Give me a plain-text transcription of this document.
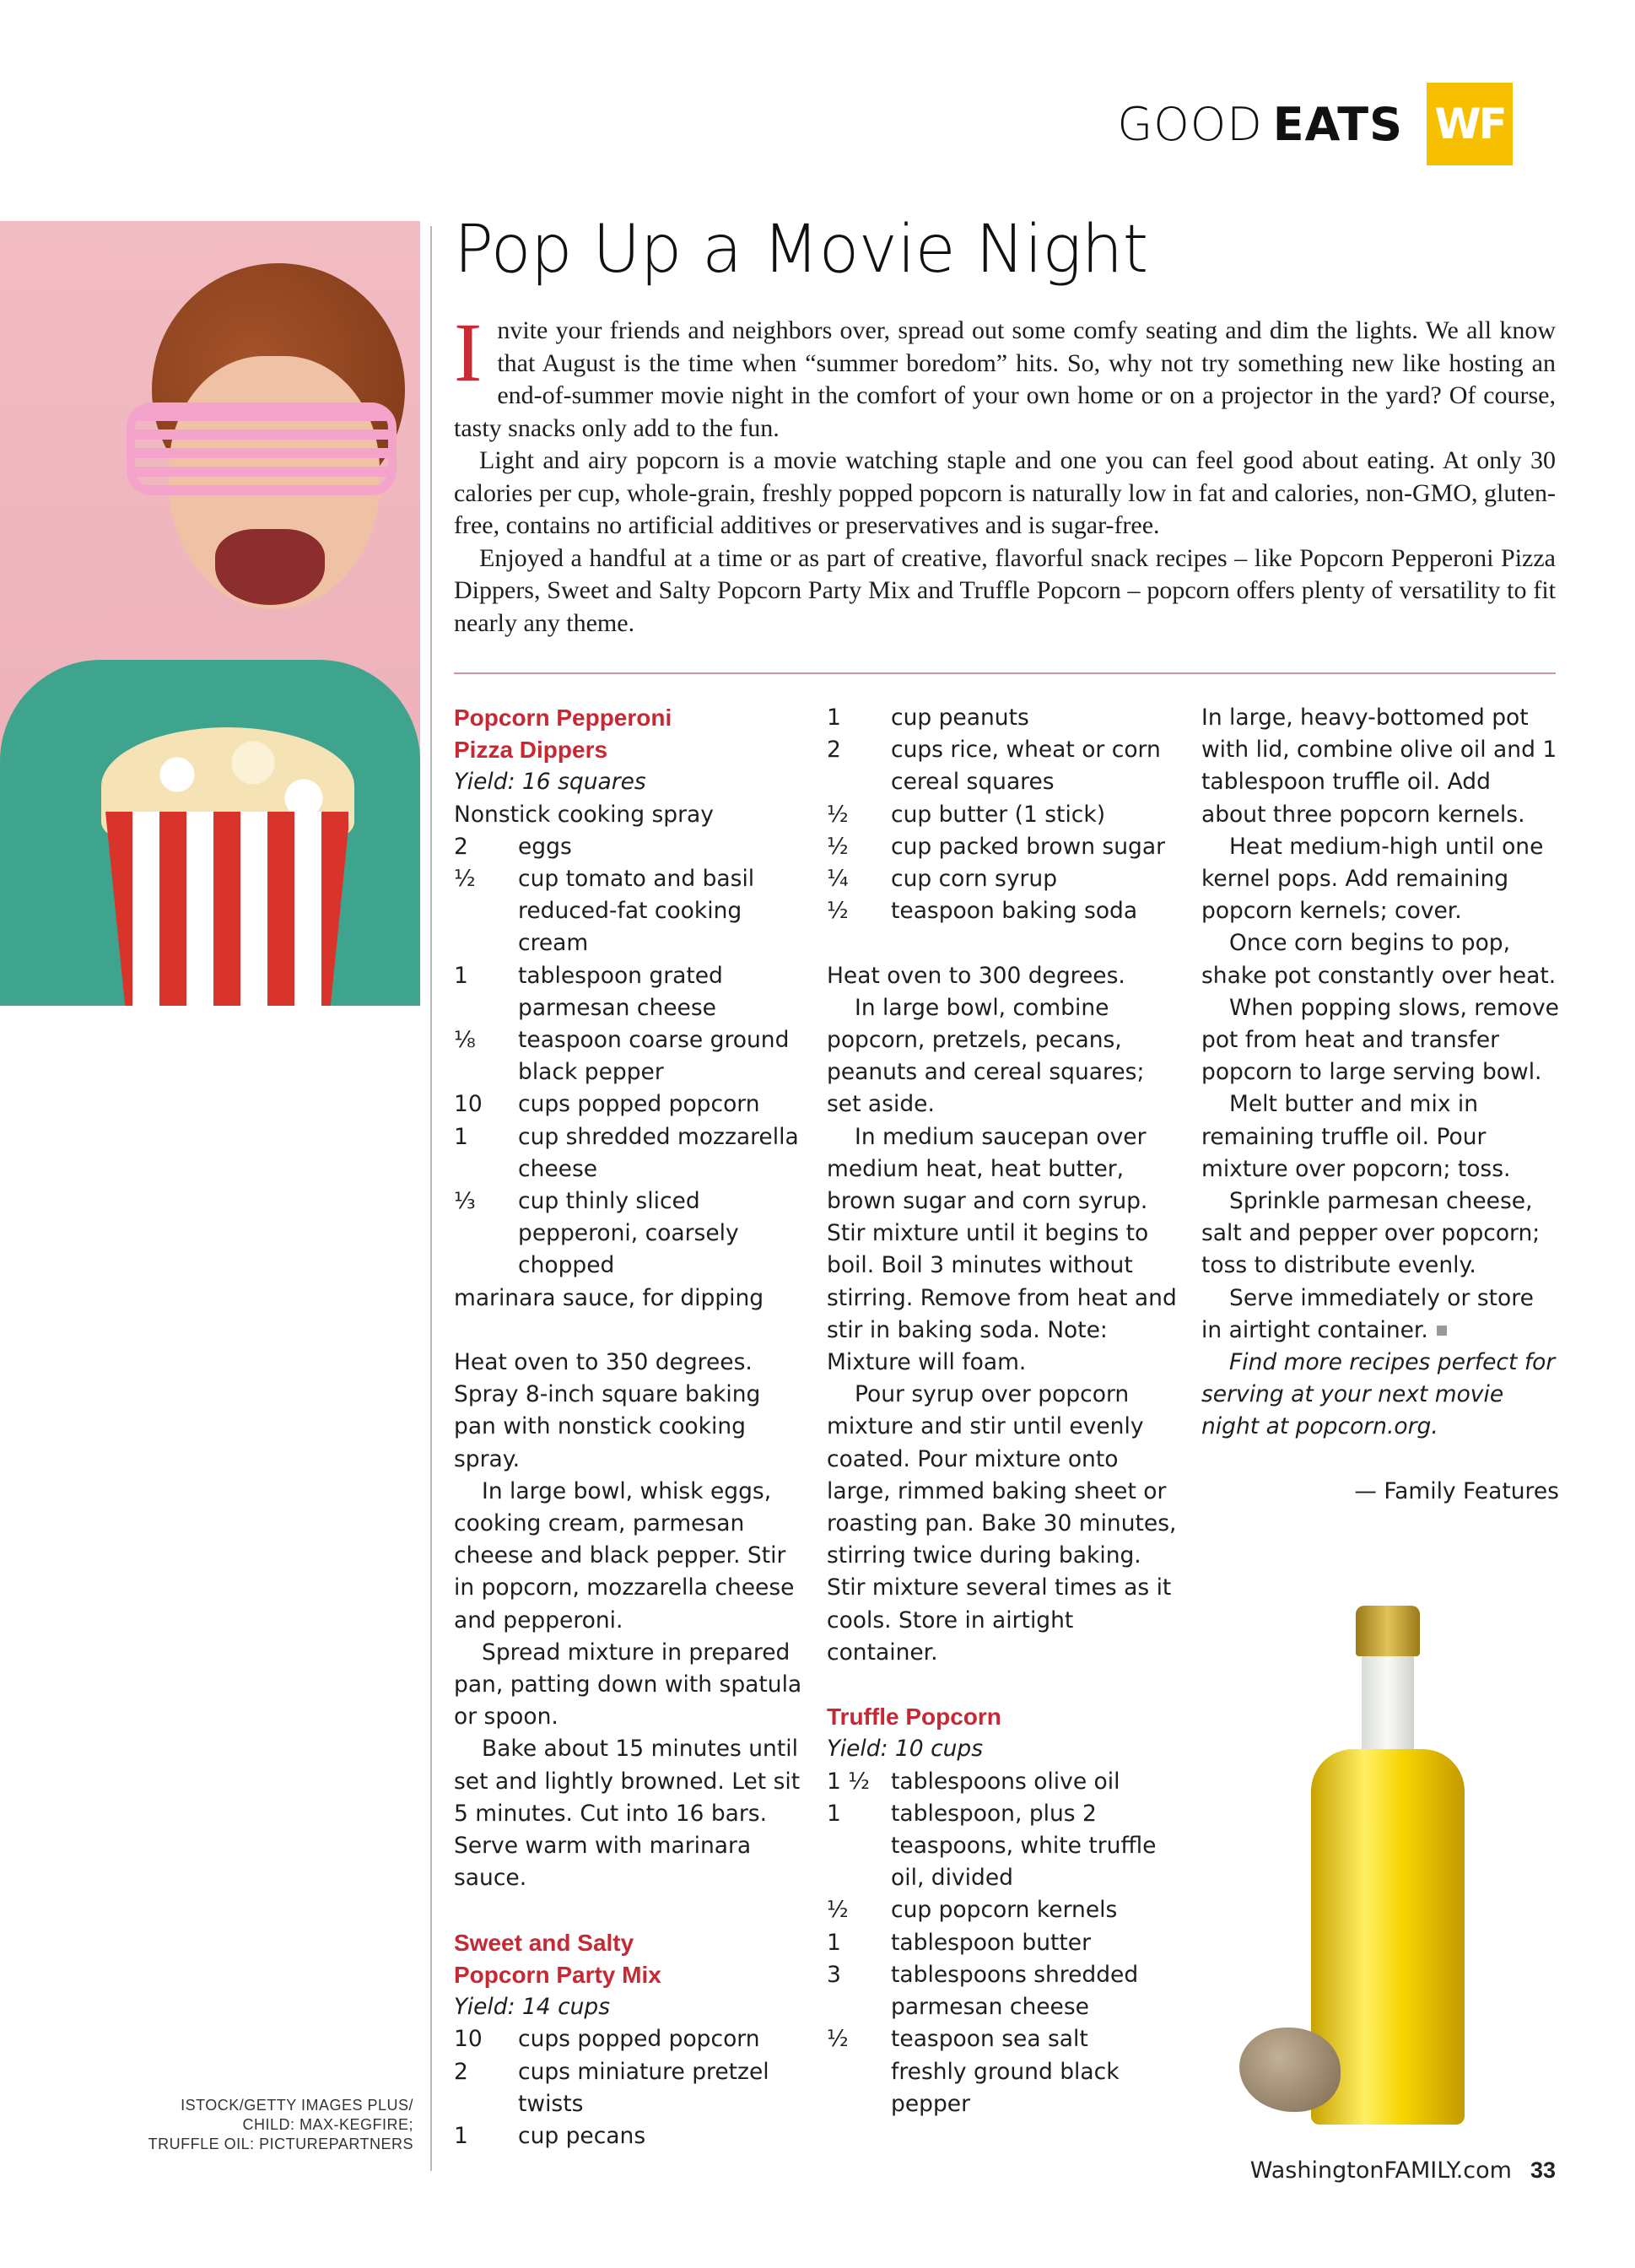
GOOD EATS WF
Pop Up a Movie Night

Invite your friends and neighbors over, spread out some comfy seating and dim the lights. We all know that August is the time when “summer boredom” hits. So, why not try something new like hosting an end-of-summer movie night in the comfort of your own home or on a projector in the yard? Of course, tasty snacks only add to the fun.

Light and airy popcorn is a movie watching staple and one you can feel good about eating. At only 30 calories per cup, whole-grain, freshly popped popcorn is naturally low in fat and calories, non-GMO, gluten-free, contains no artificial additives or preservatives and is sugar-free.

Enjoyed a handful at a time or as part of creative, flavorful snack recipes – like Popcorn Pepperoni Pizza Dippers, Sweet and Salty Popcorn Party Mix and Truffle Popcorn – popcorn offers plenty of versatility to fit nearly any theme.

Popcorn Pepperoni
Pizza Dippers
Yield: 16 squares
Nonstick cooking spray
2	eggs
½	cup tomato and basil reduced-fat cooking cream
1	tablespoon grated parmesan cheese
⅛	teaspoon coarse ground black pepper
10	cups popped popcorn
1	cup shredded mozzarella cheese
⅓	cup thinly sliced pepperoni, coarsely chopped
marinara sauce, for dipping
Heat oven to 350 degrees. Spray 8-inch square baking pan with nonstick cooking spray.
In large bowl, whisk eggs, cooking cream, parmesan cheese and black pepper. Stir in popcorn, mozzarella cheese and pepperoni.
Spread mixture in prepared pan, patting down with spatula or spoon.
Bake about 15 minutes until set and lightly browned. Let sit 5 minutes. Cut into 16 bars. Serve warm with marinara sauce.
Sweet and Salty
Popcorn Party Mix
Yield: 14 cups
10	cups popped popcorn
2	cups miniature pretzel twists
1	cup pecans
1	cup peanuts
2	cups rice, wheat or corn cereal squares
½	cup butter (1 stick)
½	cup packed brown sugar
¼	cup corn syrup
½	teaspoon baking soda
Heat oven to 300 degrees.
In large bowl, combine popcorn, pretzels, pecans, peanuts and cereal squares; set aside.
In medium saucepan over medium heat, heat butter, brown sugar and corn syrup. Stir mixture until it begins to boil. Boil 3 minutes without stirring. Remove from heat and stir in baking soda. Note: Mixture will foam.
Pour syrup over popcorn mixture and stir until evenly coated. Pour mixture onto large, rimmed baking sheet or roasting pan. Bake 30 minutes, stirring twice during baking. Stir mixture several times as it cools. Store in airtight container.
Truffle Popcorn
Yield: 10 cups
1 ½ tablespoons olive oil
1	tablespoon, plus 2 teaspoons, white truffle oil, divided
½	cup popcorn kernels
1	tablespoon butter
3	tablespoons shredded parmesan cheese
½	teaspoon sea salt
freshly ground black pepper
In large, heavy-bottomed pot with lid, combine olive oil and 1 tablespoon truffle oil. Add about three popcorn kernels.
Heat medium-high until one kernel pops. Add remaining popcorn kernels; cover.
Once corn begins to pop, shake pot constantly over heat.
When popping slows, remove pot from heat and transfer popcorn to large serving bowl.
Melt butter and mix in remaining truffle oil. Pour mixture over popcorn; toss.
Sprinkle parmesan cheese, salt and pepper over popcorn; toss to distribute evenly.
Serve immediately or store in airtight container.
Find more recipes perfect for serving at your next movie night at popcorn.org.
— Family Features
ISTOCK/GETTY IMAGES PLUS/
CHILD: MAX-KEGFIRE;
TRUFFLE OIL: PICTUREPARTNERS
WashingtonFAMILY.com 33
